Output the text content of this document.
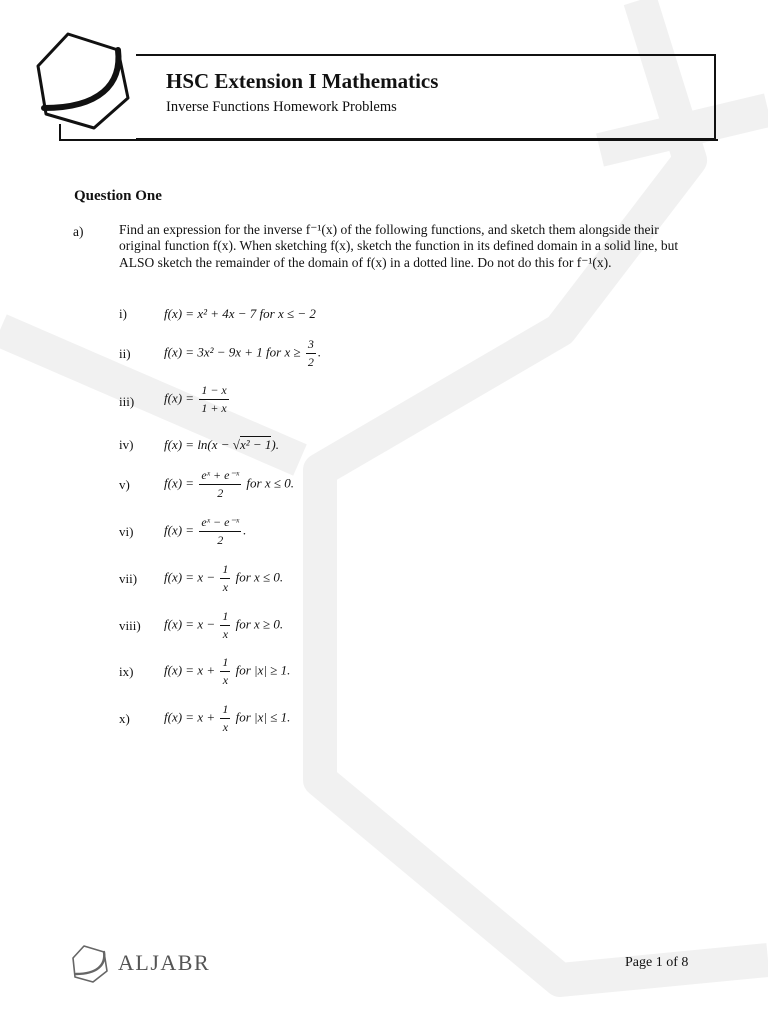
HSC Extension I Mathematics
Inverse Functions Homework Problems
Question One
a)	Find an expression for the inverse f⁻¹(x) of the following functions, and sketch them alongside their original function f(x). When sketching f(x), sketch the function in its defined domain in a solid line, but ALSO sketch the remainder of the domain of f(x) in a dotted line. Do not do this for f⁻¹(x).
i)	f(x) = x² + 4x − 7 for x ≤ − 2
ii)	f(x) = 3x² − 9x + 1 for $x \ge \frac{3}{2}$ .
iii)	$f(x) = \frac{1 - x}{1 + x}$
iv)	f(x) = ln(x − √x² − 1).
v)	$f(x) = \frac{\text{eˣ + e⁻ˣ}}{2}$ for x ≤ 0.
vi)	$f(x) = \frac{\text{eˣ − e⁻ˣ}}{2}$ .
vii)	$f(x) = x - \frac{1}{x}$ for x ≤ 0.
viii)	$f(x) = x - \frac{1}{x}$ for x ≥ 0.
ix)	$f(x) = x + \frac{1}{x}$ for |x| ≥ 1.
x)	$f(x) = x + \frac{1}{x}$ for |x| ≤ 1.
ALJABR	Page 1 of 8
